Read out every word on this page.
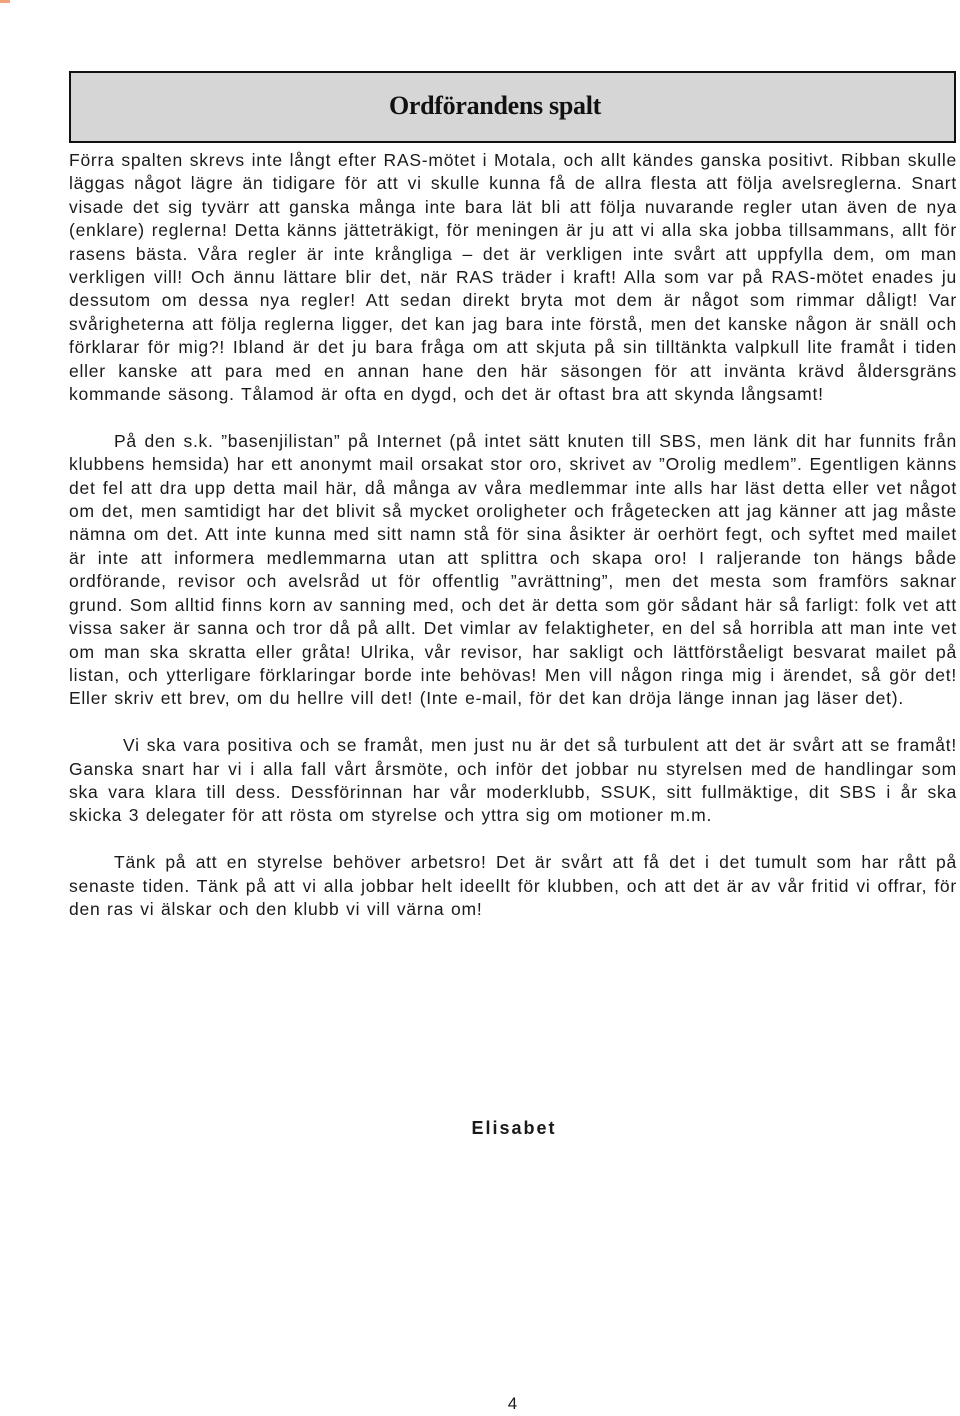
Ordförandens spalt

Förra spalten skrevs inte långt efter RAS-mötet i Motala, och allt kändes ganska positivt. Ribban skulle läggas något lägre än tidigare för att vi skulle kunna få de allra flesta att följa avelsreglerna. Snart visade det sig tyvärr att ganska många inte bara lät bli att följa nuvarande regler utan även de nya (enklare) reglerna! Detta känns jätteträkigt, för meningen är ju att vi alla ska jobba tillsammans, allt för rasens bästa. Våra regler är inte krångliga – det är verkligen inte svårt att uppfylla dem, om man verkligen vill! Och ännu lättare blir det, när RAS träder i kraft! Alla som var på RAS-mötet enades ju dessutom om dessa nya regler! Att sedan direkt bryta mot dem är något som rimmar dåligt! Var svårigheterna att följa reglerna ligger, det kan jag bara inte förstå, men det kanske någon är snäll och förklarar för mig?! Ibland är det ju bara fråga om att skjuta på sin tilltänkta valpkull lite framåt i tiden eller kanske att para med en annan hane den här säsongen för att invänta krävd åldersgräns kommande säsong. Tålamod är ofta en dygd, och det är oftast bra att skynda långsamt!

På den s.k. ”basenjilistan” på Internet (på intet sätt knuten till SBS, men länk dit har funnits från klubbens hemsida) har ett anonymt mail orsakat stor oro, skrivet av ”Orolig medlem”. Egentligen känns det fel att dra upp detta mail här, då många av våra medlemmar inte alls har läst detta eller vet något om det, men samtidigt har det blivit så mycket oroligheter och frågetecken att jag känner att jag måste nämna om det. Att inte kunna med sitt namn stå för sina åsikter är oerhört fegt, och syftet med mailet är inte att informera medlemmarna utan att splittra och skapa oro! I raljerande ton hängs både ordförande, revisor och avelsråd ut för offentlig ”avrättning”, men det mesta som framförs saknar grund. Som alltid finns korn av sanning med, och det är detta som gör sådant här så farligt: folk vet att vissa saker är sanna och tror då på allt. Det vimlar av felaktigheter, en del så horribla att man inte vet om man ska skratta eller gråta! Ulrika, vår revisor, har sakligt och lättförståeligt besvarat mailet på listan, och ytterligare förklaringar borde inte behövas! Men vill någon ringa mig i ärendet, så gör det! Eller skriv ett brev, om du hellre vill det! (Inte e-mail, för det kan dröja länge innan jag läser det).

Vi ska vara positiva och se framåt, men just nu är det så turbulent att det är svårt att se framåt! Ganska snart har vi i alla fall vårt årsmöte, och inför det jobbar nu styrelsen med de handlingar som ska vara klara till dess. Dessförinnan har vår moderklubb, SSUK, sitt fullmäktige, dit SBS i år ska skicka 3 delegater för att rösta om styrelse och yttra sig om motioner m.m.

Tänk på att en styrelse behöver arbetsro! Det är svårt att få det i det tumult som har rått på senaste tiden. Tänk på att vi alla jobbar helt ideellt för klubben, och att det är av vår fritid vi offrar, för den ras vi älskar och den klubb vi vill värna om!

Elisabet
4
